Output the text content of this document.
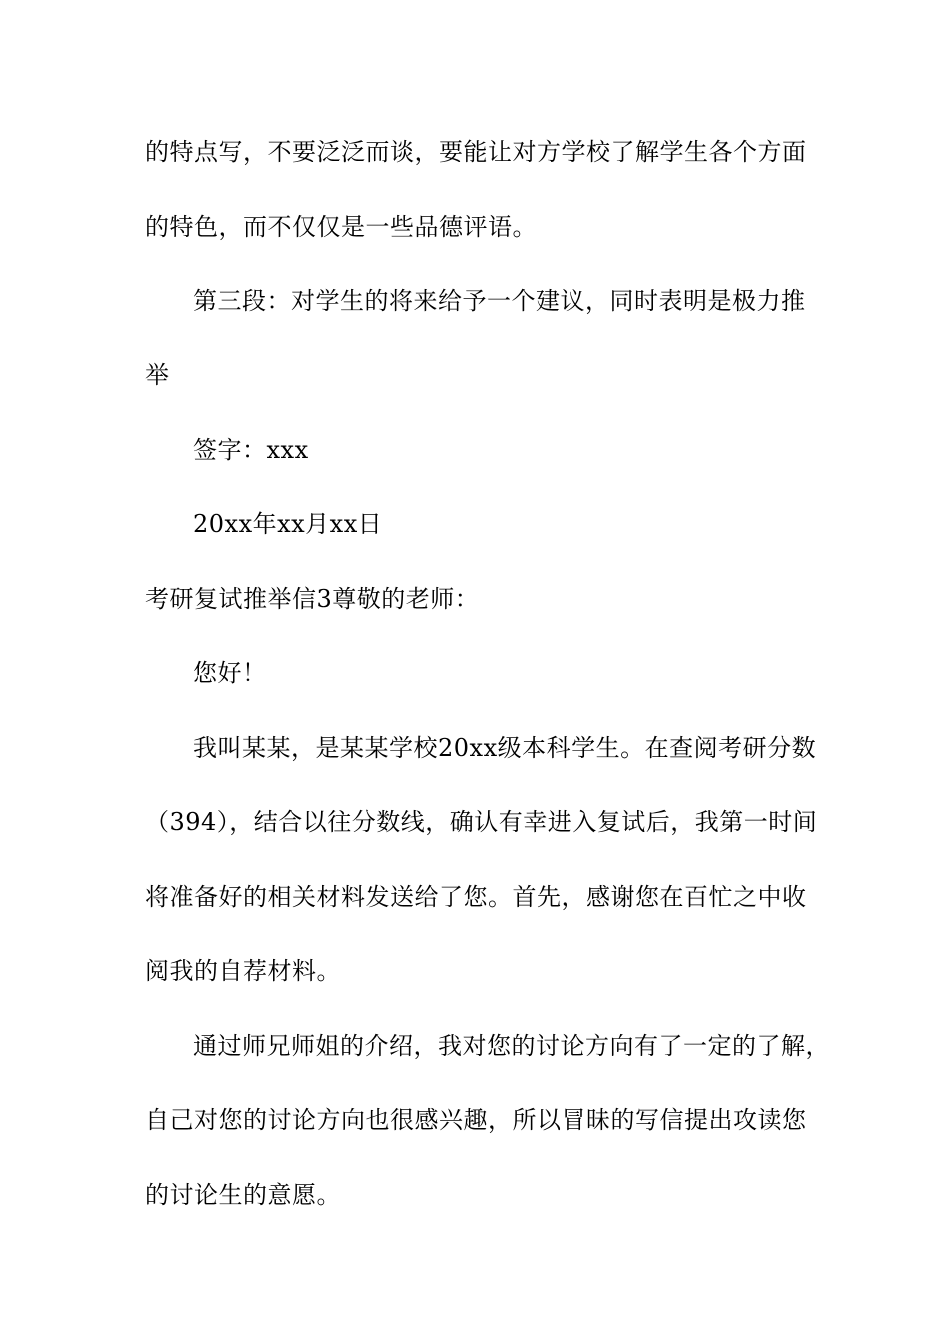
的特点写，不要泛泛而谈，要能让对方学校了解学生各个方面
的特色，而不仅仅是一些品德评语。
第三段：对学生的将来给予一个建议，同时表明是极力推
举
签字：xxx
20xx年xx月xx日
考研复试推举信3尊敬的老师：
您好！
我叫某某，是某某学校20xx级本科学生。在查阅考研分数
（394），结合以往分数线，确认有幸进入复试后，我第一时间
将准备好的相关材料发送给了您。首先，感谢您在百忙之中收
阅我的自荐材料。
通过师兄师姐的介绍，我对您的讨论方向有了一定的了解，
自己对您的讨论方向也很感兴趣，所以冒昧的写信提出攻读您
的讨论生的意愿。
